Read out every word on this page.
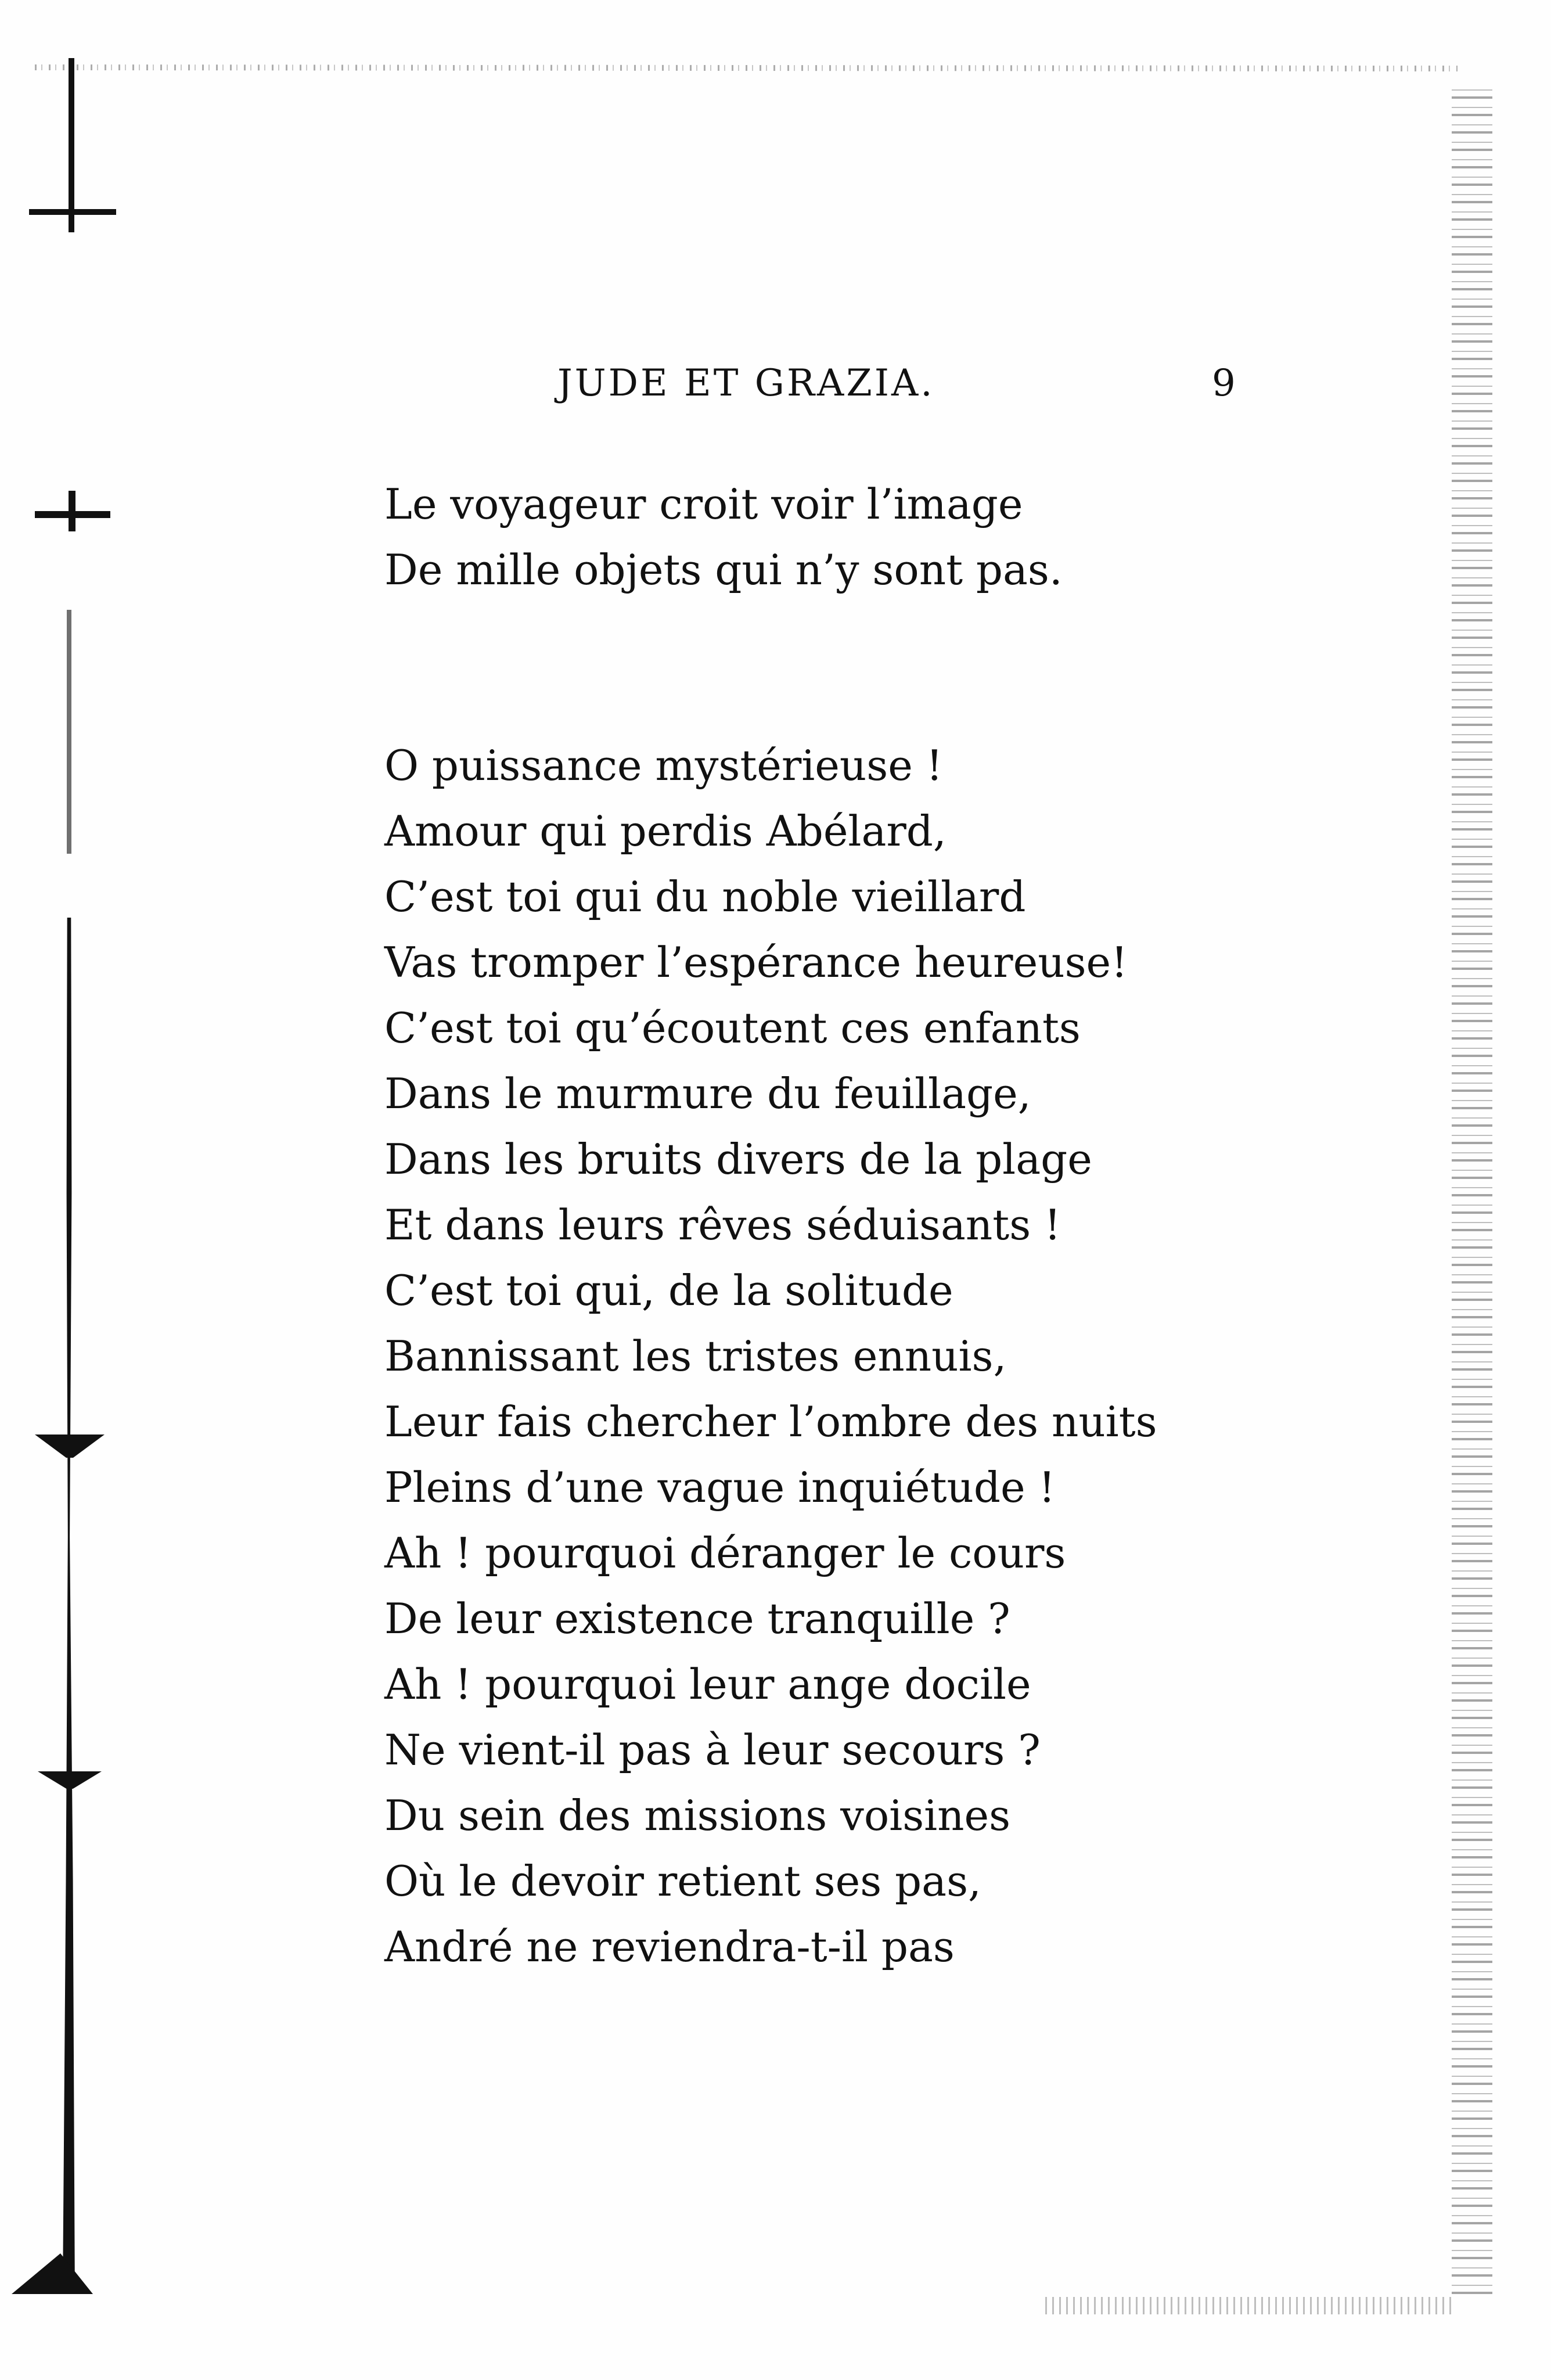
JUDE ET GRAZIA.	9
Le voyageur croit voir l’image
De mille objets qui n’y sont pas.
O puissance mystérieuse !
Amour qui perdis Abélard,
C’est toi qui du noble vieillard
Vas tromper l’espérance heureuse!
C’est toi qu’écoutent ces enfants
Dans le murmure du feuillage,
Dans les bruits divers de la plage
Et dans leurs rêves séduisants !
C’est toi qui, de la solitude
Bannissant les tristes ennuis,
Leur fais chercher l’ombre des nuits
Pleins d’une vague inquiétude !
Ah ! pourquoi déranger le cours
De leur existence tranquille ?
Ah ! pourquoi leur ange docile
Ne vient-il pas à leur secours ?
Du sein des missions voisines
Où le devoir retient ses pas,
André ne reviendra-t-il pas
